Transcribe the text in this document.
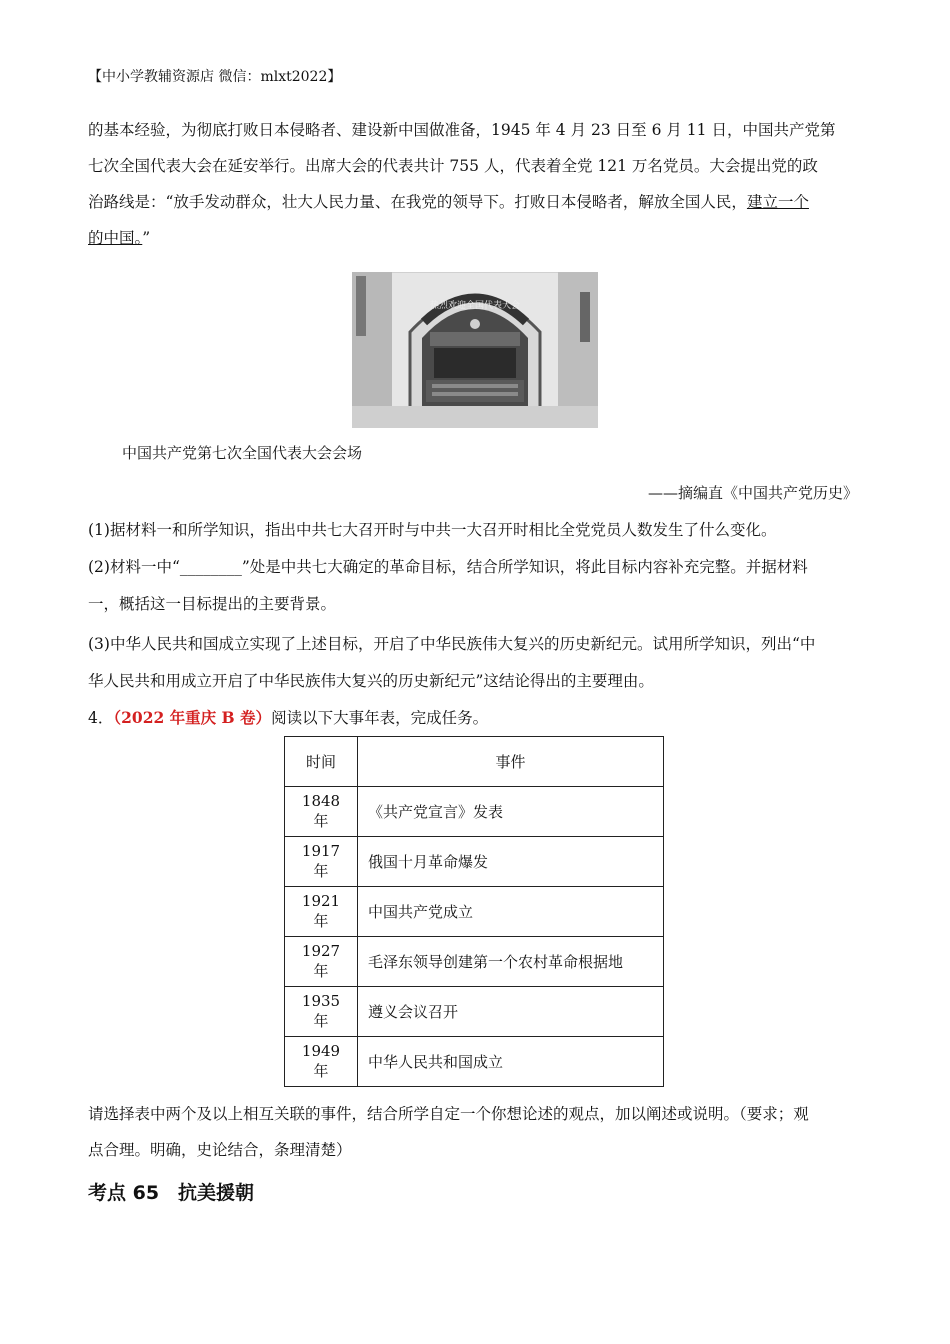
【中小学教辅资源店 微信：mlxt2022】
的基本经验，为彻底打败日本侵略者、建设新中国做准备，1945 年 4 月 23 日至 6 月 11 日，中国共产党第
七次全国代表大会在延安举行。出席大会的代表共计 755 人，代表着全党 121 万名党员。大会提出党的政
治路线是：“放手发动群众，壮大人民力量、在我党的领导下。打败日本侵略者，解放全国人民，建立一个
的中国。”
热烈欢迎全国代表大会
中国共产党第七次全国代表大会会场
——摘编直《中国共产党历史》
(1)据材料一和所学知识，指出中共七大召开时与中共一大召开时相比全党党员人数发生了什么变化。
(2)材料一中“________”处是中共七大确定的革命目标，结合所学知识，将此目标内容补充完整。并据材料
一，概括这一目标提出的主要背景。
(3)中华人民共和国成立实现了上述目标，开启了中华民族伟大复兴的历史新纪元。试用所学知识，列出“中
华人民共和用成立开启了中华民族伟大复兴的历史新纪元”这结论得出的主要理由。
4．（2022 年重庆 B 卷）阅读以下大事年表，完成任务。
时间	事件
1848 年	《共产党宣言》发表
1917 年	俄国十月革命爆发
1921 年	中国共产党成立
1927 年	毛泽东领导创建第一个农村革命根据地
1935 年	遵义会议召开
1949 年	中华人民共和国成立
请选择表中两个及以上相互关联的事件，结合所学自定一个你想论述的观点，加以阐述或说明。（要求；观
点合理。明确，史论结合，条理清楚）
考点 65　抗美援朝
